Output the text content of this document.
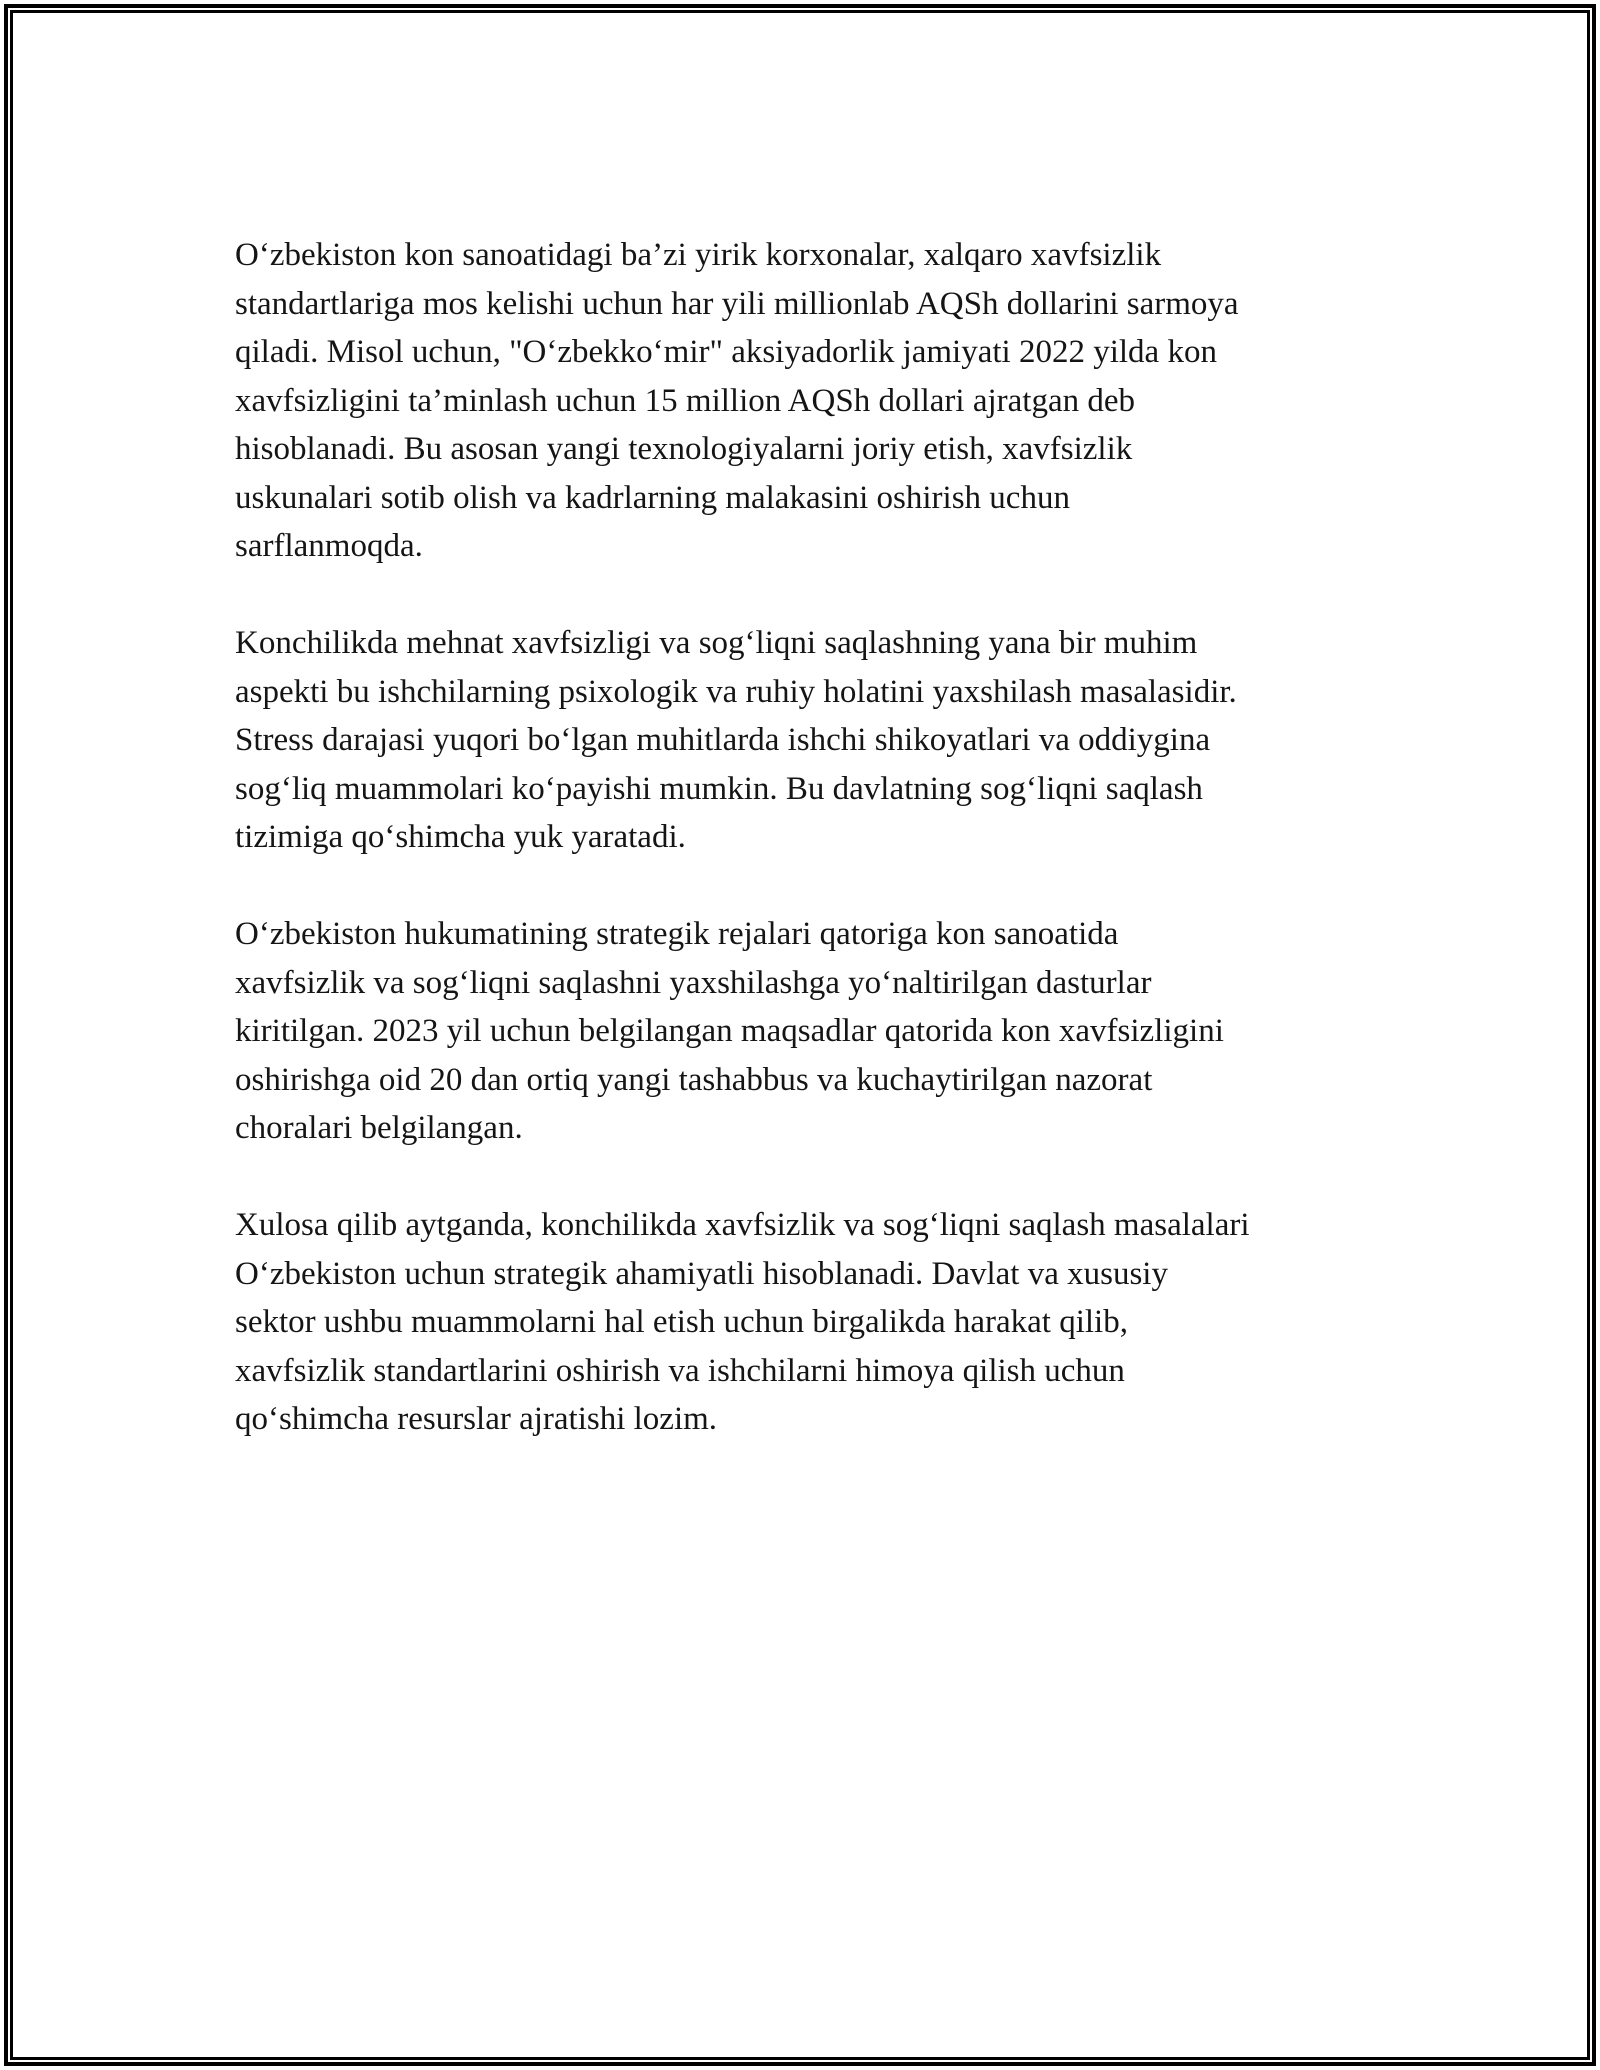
O‘zbekiston kon sanoatidagi ba’zi yirik korxonalar, xalqaro xavfsizlik
standartlariga mos kelishi uchun har yili millionlab AQSh dollarini sarmoya
qiladi. Misol uchun, "O‘zbekko‘mir" aksiyadorlik jamiyati 2022 yilda kon
xavfsizligini ta’minlash uchun 15 million AQSh dollari ajratgan deb
hisoblanadi. Bu asosan yangi texnologiyalarni joriy etish, xavfsizlik
uskunalari sotib olish va kadrlarning malakasini oshirish uchun
sarflanmoqda.

Konchilikda mehnat xavfsizligi va sog‘liqni saqlashning yana bir muhim
aspekti bu ishchilarning psixologik va ruhiy holatini yaxshilash masalasidir.
Stress darajasi yuqori bo‘lgan muhitlarda ishchi shikoyatlari va oddiygina
sog‘liq muammolari ko‘payishi mumkin. Bu davlatning sog‘liqni saqlash
tizimiga qo‘shimcha yuk yaratadi.

O‘zbekiston hukumatining strategik rejalari qatoriga kon sanoatida
xavfsizlik va sog‘liqni saqlashni yaxshilashga yo‘naltirilgan dasturlar
kiritilgan. 2023 yil uchun belgilangan maqsadlar qatorida kon xavfsizligini
oshirishga oid 20 dan ortiq yangi tashabbus va kuchaytirilgan nazorat
choralari belgilangan.

Xulosa qilib aytganda, konchilikda xavfsizlik va sog‘liqni saqlash masalalari
O‘zbekiston uchun strategik ahamiyatli hisoblanadi. Davlat va xususiy
sektor ushbu muammolarni hal etish uchun birgalikda harakat qilib,
xavfsizlik standartlarini oshirish va ishchilarni himoya qilish uchun
qo‘shimcha resurslar ajratishi lozim.
